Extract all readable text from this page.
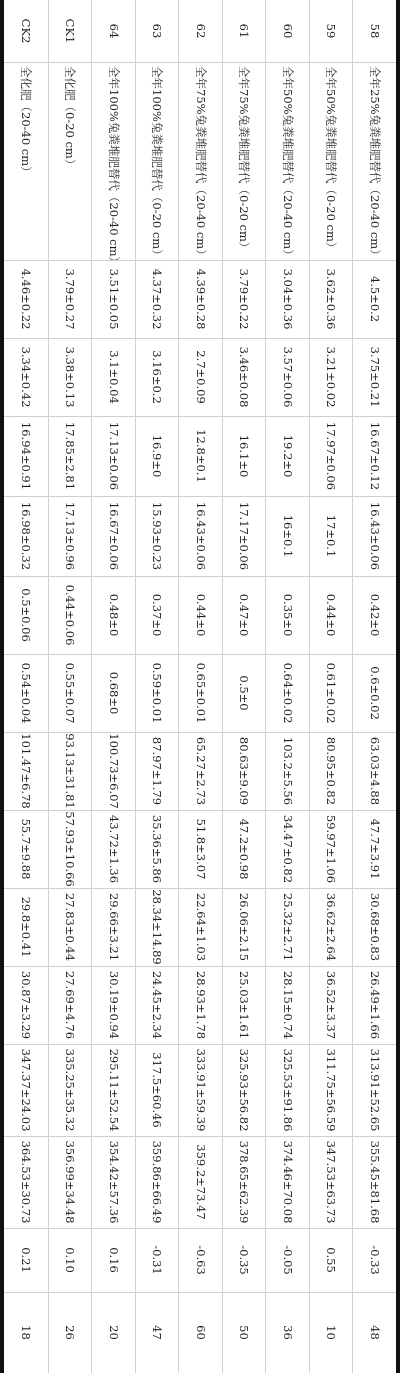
58
全年25%兔粪堆肥替代（20-40 cm）
4.5±0.2
3.75±0.21
16.67±0.12
16.43±0.06
0.42±0
0.6±0.02
63.03±4.88
47.7±3.91
30.68±0.83
26.49±1.66
313.91±52.65
355.45±81.68
-0.33
48
59
全年50%兔粪堆肥替代（0-20 cm）
3.62±0.36
3.21±0.02
17.97±0.06
17±0.1
0.44±0
0.61±0.02
80.95±0.82
59.97±1.06
36.62±2.64
36.52±3.37
311.75±56.59
347.53±63.73
0.55
10
60
全年50%兔粪堆肥替代（20-40 cm）
3.04±0.36
3.57±0.06
19.2±0
16±0.1
0.35±0
0.64±0.02
103.2±5.56
34.47±0.82
25.32±2.71
28.15±0.74
325.53±91.86
374.46±70.08
-0.05
36
61
全年75%兔粪堆肥替代（0-20 cm）
3.79±0.22
3.46±0.08
16.1±0
17.17±0.06
0.47±0
0.5±0
80.63±9.09
47.2±0.98
26.06±2.15
25.03±1.61
325.93±56.82
378.65±62.39
-0.35
50
62
全年75%兔粪堆肥替代（20-40 cm）
4.39±0.28
2.7±0.09
12.8±0.1
16.43±0.06
0.44±0
0.65±0.01
65.27±2.73
51.8±3.07
22.64±1.03
28.93±1.78
333.91±59.39
359.2±73.47
-0.63
60
63
全年100%兔粪堆肥替代（0-20 cm）
4.37±0.32
3.16±0.2
16.9±0
15.93±0.23
0.37±0
0.59±0.01
87.97±1.79
35.36±5.86
28.34±14.89
24.45±2.34
317.5±60.46
359.86±66.49
-0.31
47
64
全年100%兔粪堆肥替代（20-40 cm）
3.51±0.05
3.1±0.04
17.13±0.06
16.67±0.06
0.48±0
0.68±0
100.73±6.07
43.72±1.36
29.66±3.21
30.19±0.94
295.11±52.54
354.42±57.36
0.16
20
CK1
全化肥（0-20 cm）
3.79±0.27
3.38±0.13
17.85±2.81
17.13±0.96
0.44±0.06
0.55±0.07
93.13±31.81
57.93±10.66
27.83±0.44
27.69±4.76
335.25±35.32
356.99±34.48
0.10
26
CK2
全化肥（20-40 cm）
4.46±0.22
3.34±0.42
16.94±0.91
16.98±0.32
0.5±0.06
0.54±0.04
101.47±6.78
55.7±9.88
29.8±0.41
30.87±3.29
347.37±24.03
364.53±30.73
0.21
18
